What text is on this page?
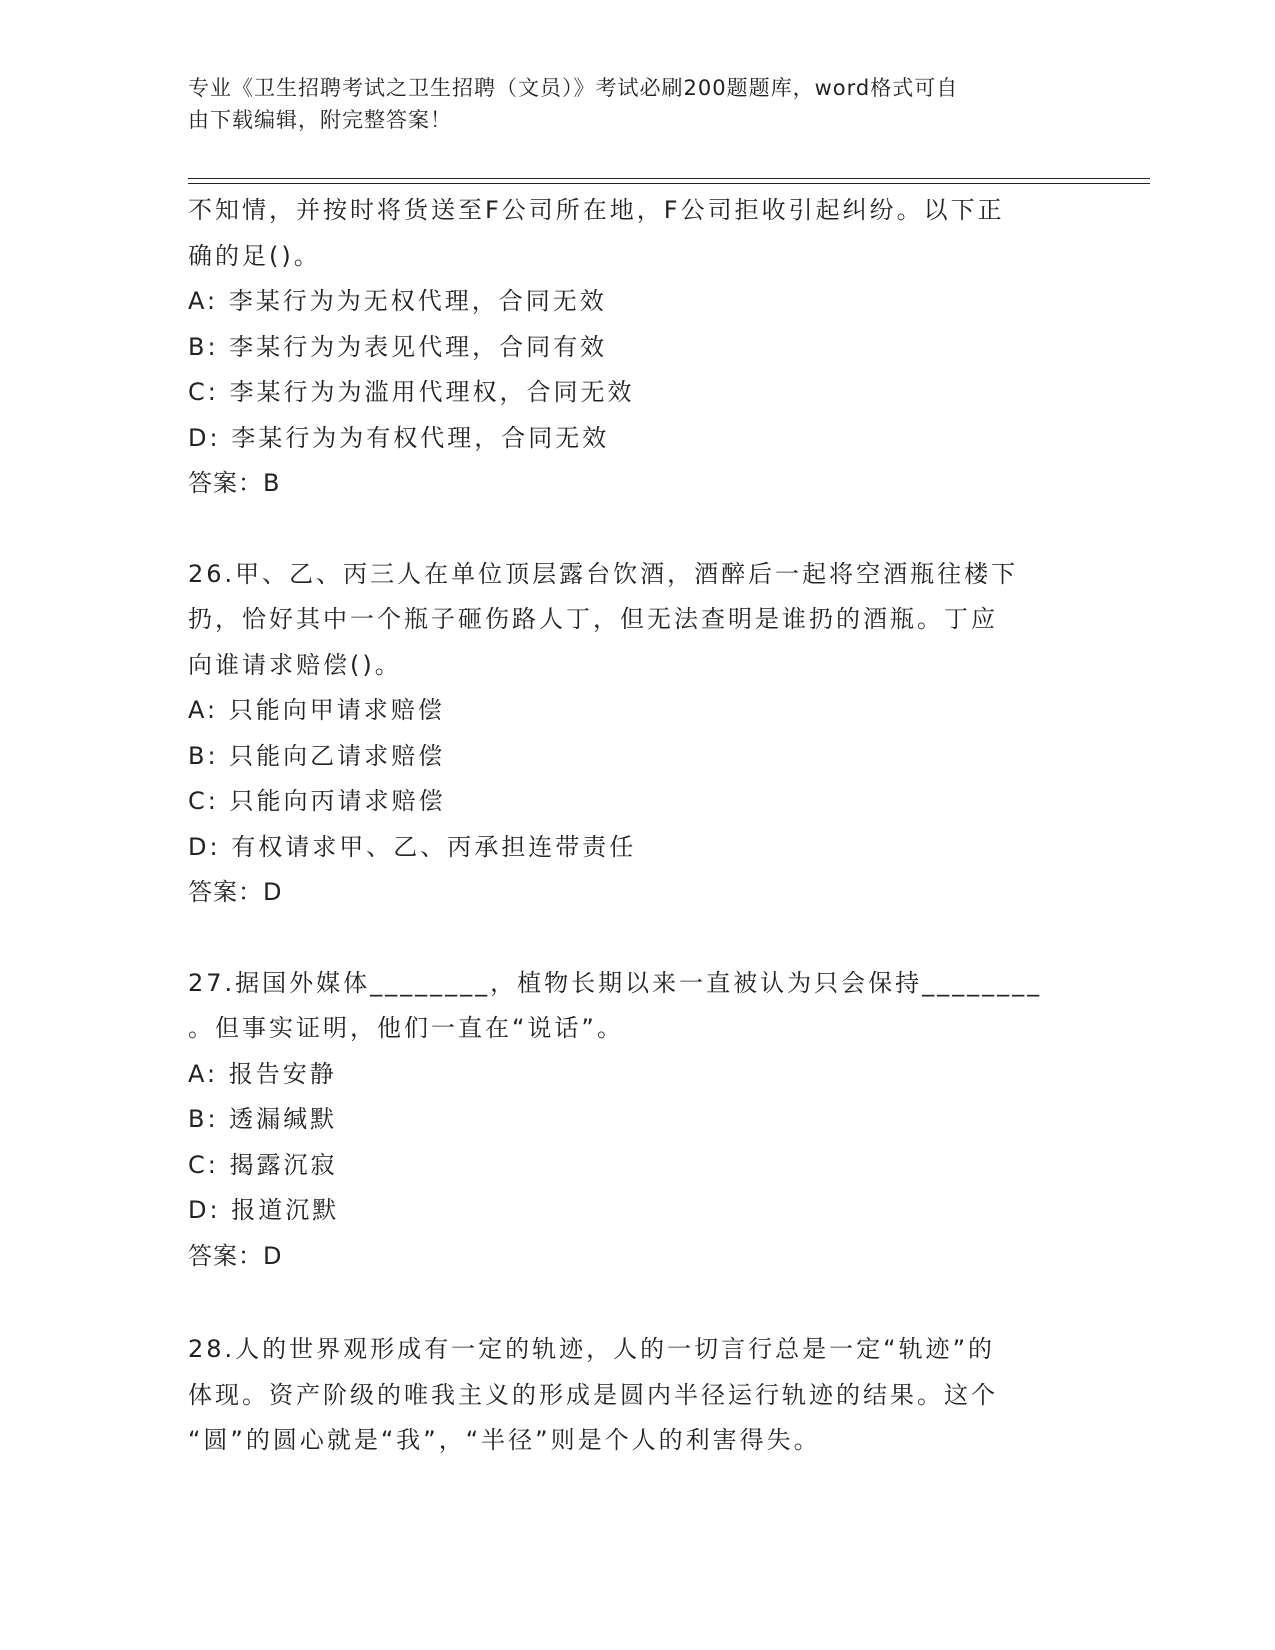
专业《卫生招聘考试之卫生招聘（文员）》考试必刷200题题库，word格式可自
由下载编辑，附完整答案！
不知情，并按时将货送至F公司所在地，F公司拒收引起纠纷。以下正
确的足()。
A: 李某行为为无权代理，合同无效
B: 李某行为为表见代理，合同有效
C: 李某行为为滥用代理权，合同无效
D: 李某行为为有权代理，合同无效
答案：B
26.甲、乙、丙三人在单位顶层露台饮酒，酒醉后一起将空酒瓶往楼下
扔，恰好其中一个瓶子砸伤路人丁，但无法查明是谁扔的酒瓶。丁应
向谁请求赔偿()。
A: 只能向甲请求赔偿
B: 只能向乙请求赔偿
C: 只能向丙请求赔偿
D: 有权请求甲、乙、丙承担连带责任
答案：D
27.据国外媒体________，植物长期以来一直被认为只会保持________
。但事实证明，他们一直在“说话”。
A: 报告安静
B: 透漏缄默
C: 揭露沉寂
D: 报道沉默
答案：D
28.人的世界观形成有一定的轨迹，人的一切言行总是一定“轨迹”的
体现。资产阶级的唯我主义的形成是圆内半径运行轨迹的结果。这个
“圆”的圆心就是“我”，“半径”则是个人的利害得失。
